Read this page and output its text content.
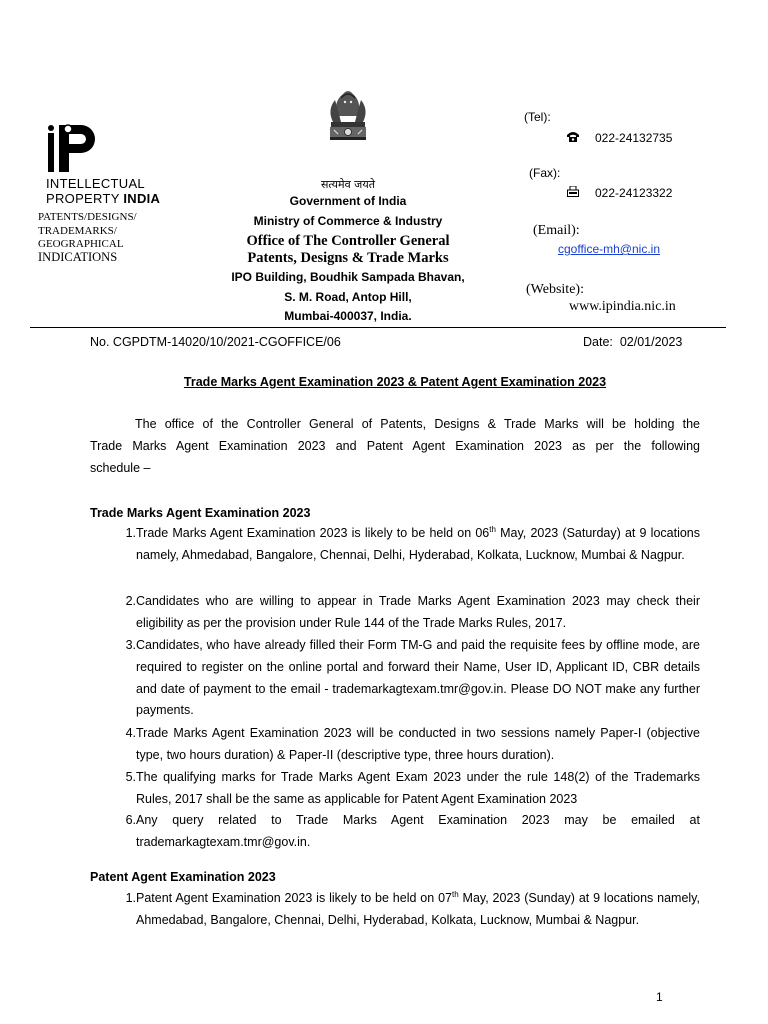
INTELLECTUAL
PROPERTY INDIA
PATENTS/DESIGNS/
TRADEMARKS/
GEOGRAPHICAL
INDICATIONS
सत्यमेव जयते
Government of India
Ministry of Commerce & Industry
Office of The Controller General
Patents, Designs & Trade Marks
IPO Building, Boudhik Sampada Bhavan,
S. M. Road, Antop Hill,
Mumbai-400037, India.
(Tel):
022-24132735
(Fax):
022-24123322
(Email):
cgoffice-mh@nic.in
(Website):
www.ipindia.nic.in
No. CGPDTM-14020/10/2021-CGOFFICE/06	Date:  02/01/2023
Trade Marks Agent Examination 2023 & Patent Agent Examination 2023
The office of the Controller General of Patents, Designs & Trade Marks will be holding the
Trade Marks Agent Examination 2023 and Patent Agent Examination 2023 as per the following
schedule –
Trade Marks Agent Examination 2023
1. Trade Marks Agent Examination 2023 is likely to be held on 06th May, 2023 (Saturday) at 9 locations namely, Ahmedabad, Bangalore, Chennai, Delhi, Hyderabad, Kolkata, Lucknow, Mumbai & Nagpur.
2. Candidates who are willing to appear in Trade Marks Agent Examination 2023 may check their eligibility as per the provision under Rule 144 of the Trade Marks Rules, 2017.
3. Candidates, who have already filled their Form TM-G and paid the requisite fees by offline mode, are required to register on the online portal and forward their Name, User ID, Applicant ID, CBR details and date of payment to the email - trademarkagtexam.tmr@gov.in. Please DO NOT make any further payments.
4. Trade Marks Agent Examination 2023 will be conducted in two sessions namely Paper-I (objective type, two hours duration) & Paper-II (descriptive type, three hours duration).
5. The qualifying marks for Trade Marks Agent Exam 2023 under the rule 148(2) of the Trademarks Rules, 2017 shall be the same as applicable for Patent Agent Examination 2023
6. Any query related to Trade Marks Agent Examination 2023 may be emailed at trademarkagtexam.tmr@gov.in.
Patent Agent Examination 2023
1. Patent Agent Examination 2023 is likely to be held on 07th May, 2023 (Sunday) at 9 locations namely, Ahmedabad, Bangalore, Chennai, Delhi, Hyderabad, Kolkata, Lucknow, Mumbai & Nagpur.
1
